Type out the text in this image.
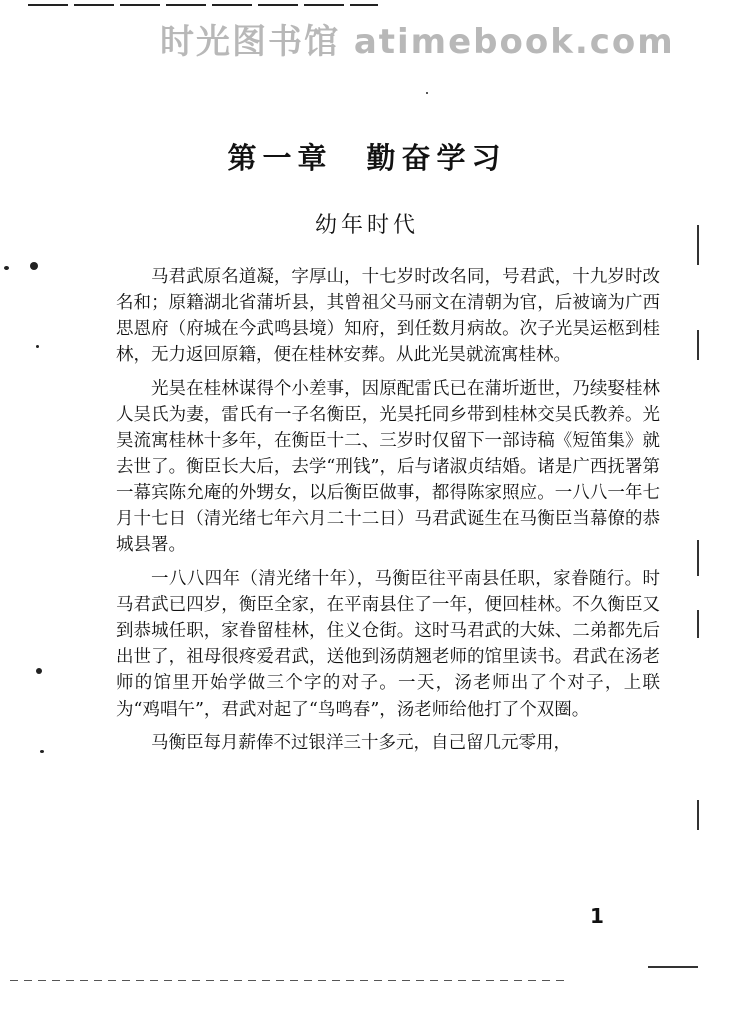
时光图书馆 atimebook.com
第一章 勤奋学习
幼年时代

马君武原名道凝，字厚山，十七岁时改名同，号君武，十九岁时改名和；原籍湖北省蒲圻县，其曾祖父马丽文在清朝为官，后被谪为广西思恩府（府城在今武鸣县境）知府，到任数月病故。次子光昊运柩到桂林，无力返回原籍，便在桂林安葬。从此光昊就流寓桂林。

光昊在桂林谋得个小差事，因原配雷氏已在蒲圻逝世，乃续娶桂林人吴氏为妻，雷氏有一子名衡臣，光昊托同乡带到桂林交吴氏教养。光昊流寓桂林十多年，在衡臣十二、三岁时仅留下一部诗稿《短笛集》就去世了。衡臣长大后，去学“刑钱”，后与诸淑贞结婚。诸是广西抚署第一幕宾陈允庵的外甥女，以后衡臣做事，都得陈家照应。一八八一年七月十七日（清光绪七年六月二十二日）马君武诞生在马衡臣当幕僚的恭城县署。

一八八四年（清光绪十年），马衡臣往平南县任职，家眷随行。时马君武已四岁，衡臣全家，在平南县住了一年，便回桂林。不久衡臣又到恭城任职，家眷留桂林，住义仓街。这时马君武的大妹、二弟都先后出世了，祖母很疼爱君武，送他到汤荫翘老师的馆里读书。君武在汤老师的馆里开始学做三个字的对子。一天，汤老师出了个对子，上联为“鸡唱午”，君武对起了“鸟鸣春”，汤老师给他打了个双圈。

马衡臣每月薪俸不过银洋三十多元，自己留几元零用，

1
